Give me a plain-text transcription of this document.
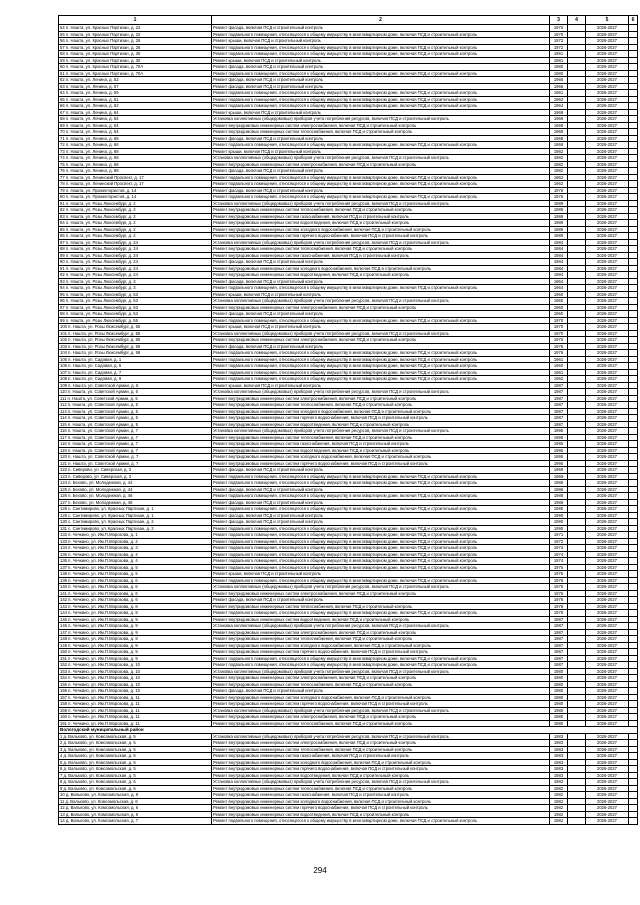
1	2	3	4	5	6
54 п. Нашта, ул. Красных Партизан, д. 22	Ремонт фасада, включая ПСД и строительный контроль	1970		2026-2027	
55 п. Нашта, ул. Красных Партизан, д. 22	Ремонт подвального помещения, относящегося к общему имуществу в многоквартирном доме, включая ПСД и строительный контроль	1970		2026-2027	
56 п. Нашта, ул. Красных Партизан, д. 26	Ремонт крыши, включая ПСД и строительный контроль	1972		2026-2027	
57 п. Нашта, ул. Красных Партизан, д. 26	Ремонт подвального помещения, относящегося к общему имуществу в многоквартирном доме, включая ПСД и строительный контроль	1972		2026-2027	
58 п. Нашта, ул. Красных Партизан, д. 30	Ремонт подвального помещения, относящегося к общему имуществу в многоквартирном доме, включая ПСД и строительный контроль	1981		2026-2027	
59 п. Нашта, ул. Красных Партизан, д. 30	Ремонт крыши, включая ПСД и строительный контроль	1981		2026-2027	
60 п. Нашта, ул. Красных Партизан, д. 70А	Ремонт фасада, включая ПСД и строительный контроль	1980		2026-2027	
61 п. Нашта, ул. Красных Партизан, д. 70А	Ремонт подвального помещения, относящегося к общему имуществу в многоквартирном доме, включая ПСД и строительный контроль	1980		2026-2027	
62 п. Нашта, ул. Ленина, д. 53	Ремонт фасада, включая ПСД и строительный контроль	1966		2026-2027	
63 п. Нашта, ул. Ленина, д. 57	Ремонт фасада, включая ПСД и строительный контроль	1966		2026-2027	
64 п. Нашта, ул. Ленина, д. 59	Ремонт подвального помещения, относящегося к общему имуществу в многоквартирном доме, включая ПСД и строительный контроль	1961		2026-2027	
65 п. Нашта, ул. Ленина, д. 61	Ремонт подвального помещения, относящегося к общему имуществу в многоквартирном доме, включая ПСД и строительный контроль	1962		2026-2027	
66 п. Нашта, ул. Ленина, д. 62	Ремонт подвального помещения, относящегося к общему имуществу в многоквартирном доме, включая ПСД и строительный контроль	1964		2026-2027	
67 п. Нашта, ул. Ленина, д. 64	Ремонт крыши, включая ПСД и строительный контроль	1969		2026-2027	
68 п. Нашта, ул. Ленина, д. 64	Установка коллективных (общедомовых) приборов учета потребления ресурсов, включая ПСД и строительный контроль	1969		2026-2027	
69 п. Нашта, ул. Ленина, д. 64	Ремонт внутридомовых инженерных систем электроснабжения, включая ПСД и строительный контроль	1969		2026-2027	
70 п. Нашта, ул. Ленина, д. 64	Ремонт внутридомовых инженерных систем теплоснабжения, включая ПСД и строительный контроль	1969		2026-2027	
71 п. Нашта, ул. Ленина, д. 66	Ремонт фасада, включая ПСД и строительный контроль	1968		2026-2027	
72 п. Нашта, ул. Ленина, д. 66	Ремонт подвального помещения, относящегося к общему имуществу в многоквартирном доме, включая ПСД и строительный контроль	1968		2026-2027	
73 п. Нашта, ул. Ленина, д. 68	Ремонт крыши, включая ПСД и строительный контроль	1982		2026-2027	
74 п. Нашта, ул. Ленина, д. 68	Установка коллективных (общедомовых) приборов учета потребления ресурсов, включая ПСД и строительный контроль	1982		2026-2027	
75 п. Нашта, ул. Ленина, д. 68	Ремонт внутридомовых инженерных систем электроснабжения, включая ПСД и строительный контроль	1982		2026-2027	
76 п. Нашта, ул. Ленина, д. 68	Ремонт фасада, включая ПСД и строительный контроль	1982		2026-2027	
77 п. Нашта, ул. Ленинский Проспект, д. 17	Ремонт подвального помещения, относящегося к общему имуществу в многоквартирном доме, включая ПСД и строительный контроль	1962		2026-2027	
78 п. Нашта, ул. Ленинский Проспект, д. 17	Ремонт подвального помещения, относящегося к общему имуществу в многоквартирном доме, включая ПСД и строительный контроль	1962		2026-2027	
79 п. Нашта, ул. Прожектористов, д. 14	Ремонт фасада, включая ПСД и строительный контроль	1976		2026-2027	
80 п. Нашта, ул. Прожектористов, д. 14	Ремонт подвального помещения, относящегося к общему имуществу в многоквартирном доме, включая ПСД и строительный контроль	1976		2026-2027	
81 п. Нашта, ул. Розы Люксембург, д. 2	Установка коллективных (общедомовых) приборов учета потребления ресурсов, включая ПСД и строительный контроль	1989		2026-2027	
82 п. Нашта, ул. Розы Люксембург, д. 2	Ремонт внутридомовых инженерных систем теплоснабжения, включая ПСД и строительный контроль	1989		2026-2027	
83 п. Нашта, ул. Розы Люксембург, д. 2	Ремонт внутридомовых инженерных систем газоснабжения, включая ПСД и строительный контроль	1989		2026-2027	
84 п. Нашта, ул. Розы Люксембург, д. 2	Ремонт внутридомовых инженерных систем водоотведения, включая ПСД и строительный контроль	1989		2026-2027	
85 п. Нашта, ул. Розы Люксембург, д. 2	Ремонт внутридомовых инженерных систем холодного водоснабжения, включая ПСД и строительный контроль	1989		2026-2027	
86 п. Нашта, ул. Розы Люксембург, д. 2	Ремонт внутридомовых инженерных систем горячего водоснабжения, включая ПСД и строительный контроль	1989		2026-2027	
87 п. Нашта, ул. Розы Люксембург, д. 24	Установка коллективных (общедомовых) приборов учета потребления ресурсов, включая ПСД и строительный контроль	1984		2026-2027	
88 п. Нашта, ул. Розы Люксембург, д. 24	Ремонт внутридомовых инженерных систем теплоснабжения, включая ПСД и строительный контроль	1984		2026-2027	
89 п. Нашта, ул. Розы Люксембург, д. 24	Ремонт внутридомовых инженерных систем газоснабжения, включая ПСД и строительный контроль	1984		2026-2027	
90 п. Нашта, ул. Розы Люксембург, д. 24	Ремонт фасада, включая ПСД и строительный контроль	1984		2026-2027	
91 п. Нашта, ул. Розы Люксембург, д. 24	Ремонт внутридомовых инженерных систем холодного водоснабжения, включая ПСД и строительный контроль	1984		2026-2027	
92 п. Нашта, ул. Розы Люксембург, д. 24	Ремонт внутридомовых инженерных систем водоотведения, включая ПСД и строительный контроль	1984		2026-2027	
93 п. Нашта, ул. Розы Люксембург, д. 3	Ремонт фасада, включая ПСД и строительный контроль	1964		2026-2027	
94 п. Нашта, ул. Розы Люксембург, д. 3	Ремонт подвального помещения, относящегося к общему имуществу в многоквартирном доме, включая ПСД и строительный контроль	1964		2026-2027	
95 п. Нашта, ул. Розы Люксембург, д. 53	Ремонт крыши, включая ПСД и строительный контроль	1960		2026-2027	
96 п. Нашта, ул. Розы Люксембург, д. 53	Установка коллективных (общедомовых) приборов учета потребления ресурсов, включая ПСД и строительный контроль	1960		2026-2027	
97 п. Нашта, ул. Розы Люксембург, д. 53	Ремонт внутридомовых инженерных систем электроснабжения, включая ПСД и строительный контроль	1960		2026-2027	
98 п. Нашта, ул. Розы Люксембург, д. 53	Ремонт фасада, включая ПСД и строительный контроль	1960		2026-2027	
99 п. Нашта, ул. Розы Люксембург, д. 55	Ремонт подвального помещения, относящегося к общему имуществу в многоквартирном доме, включая ПСД и строительный контроль	1970		2026-2027	
100 п. Нашта, ул. Розы Люксембург, д. 55	Ремонт крыши, включая ПСД и строительный контроль	1970		2026-2027	
101 п. Нашта, ул. Розы Люксембург, д. 55	Установка коллективных (общедомовых) приборов учета потребления ресурсов, включая ПСД и строительный контроль	1970		2026-2027	
102 п. Нашта, ул. Розы Люксембург, д. 55	Ремонт внутридомовых инженерных систем электроснабжения, включая ПСД и строительный контроль	1970		2026-2027	
103 п. Нашта, ул. Розы Люксембург, д. 59	Ремонт фасада, включая ПСД и строительный контроль	1976		2026-2027	
104 п. Нашта, ул. Розы Люксембург, д. 59	Ремонт подвального помещения, относящегося к общему имуществу в многоквартирном доме, включая ПСД и строительный контроль	1976		2026-2027	
105 п. Нашта, ул. Садовая, д. 1	Ремонт подвального помещения, относящегося к общему имуществу в многоквартирном доме, включая ПСД и строительный контроль	1961		2026-2027	
106 п. Нашта, ул. Садовая, д. 5	Ремонт подвального помещения, относящегося к общему имуществу в многоквартирном доме, включая ПСД и строительный контроль	1960		2026-2027	
107 п. Нашта, ул. Садовая, д. 7	Ремонт подвального помещения, относящегося к общему имуществу в многоквартирном доме, включая ПСД и строительный контроль	1961		2026-2027	
108 п. Нашта, ул. Садовая, д. 9	Ремонт подвального помещения, относящегося к общему имуществу в многоквартирном доме, включая ПСД и строительный контроль	1962		2026-2027	
109 п. Нашта, ул. Советской Армии, д. 5	Ремонт крыши, включая ПСД и строительный контроль	1987		2026-2027	
110 п. Нашта, ул. Советской Армии, д. 5	Установка коллективных (общедомовых) приборов учета потребления ресурсов, включая ПСД и строительный контроль	1987		2026-2027	
111 п. Нашта, ул. Советской Армии, д. 5	Ремонт внутридомовых инженерных систем электроснабжения, включая ПСД и строительный контроль	1987		2026-2027	
112 п. Нашта, ул. Советской Армии, д. 5	Ремонт внутридомовых инженерных систем теплоснабжения, включая ПСД и строительный контроль	1987		2026-2027	
113 п. Нашта, ул. Советской Армии, д. 5	Ремонт внутридомовых инженерных систем холодного водоснабжения, включая ПСД и строительный контроль	1987		2026-2027	
114 п. Нашта, ул. Советской Армии, д. 5	Ремонт внутридомовых инженерных систем горячего водоснабжения, включая ПСД и строительный контроль	1987		2026-2027	
115 п. Нашта, ул. Советской Армии, д. 5	Ремонт внутридомовых инженерных систем водоотведения, включая ПСД и строительный контроль	1987		2026-2027	
116 п. Нашта, ул. Советской Армии, д. 7	Установка коллективных (общедомовых) приборов учета потребления ресурсов, включая ПСД и строительный контроль	1995		2026-2027	
117 п. Нашта, ул. Советской Армии, д. 7	Ремонт внутридомовых инженерных систем теплоснабжения, включая ПСД и строительный контроль	1995		2026-2027	
118 п. Нашта, ул. Советской Армии, д. 7	Ремонт внутридомовых инженерных систем газоснабжения, включая ПСД и строительный контроль	1995		2026-2027	
119 п. Нашта, ул. Советской Армии, д. 7	Ремонт внутридомовых инженерных систем водоотведения, включая ПСД и строительный контроль	1995		2026-2027	
120 п. Нашта, ул. Советской Армии, д. 7	Ремонт внутридомовых инженерных систем холодного водоснабжения, включая ПСД и строительный контроль	1995		2026-2027	
121 п. Нашта, ул. Советской Армии, д. 7	Ремонт внутридомовых инженерных систем горячего водоснабжения, включая ПСД и строительный контроль	1995		2026-2027	
122 п. Сиверово, ул. Сиверская, д. 3	Ремонт фасада, включая ПСД и строительный контроль	1969		2026-2027	
123 п. Сиверово, ул. Сиверская, д. 3	Ремонт подвального помещения, относящегося к общему имуществу в многоквартирном доме, включая ПСД и строительный контроль	1969		2026-2027	
124 п. Бехово, ул. Молодежная, д. 44	Ремонт подвального помещения, относящегося к общему имуществу в многоквартирном доме, включая ПСД и строительный контроль	1986		2026-2027	
125 п. Бехово, ул. Молодежная, д. 44	Ремонт фасада, включая ПСД и строительный контроль	1986		2026-2027	
126 п. Бехово, ул. Молодежная, д. 46	Ремонт подвального помещения, относящегося к общему имуществу в многоквартирном доме, включая ПСД и строительный контроль	1986		2026-2027	
127 п. Бехово, ул. Молодежная, д. 46	Ремонт фасада, включая ПСД и строительный контроль	1986		2026-2027	
128 с. Сантимирово, ул. Красных Партизан, д. 1	Ремонт подвального помещения, относящегося к общему имуществу в многоквартирном доме, включая ПСД и строительный контроль	1990		2026-2027	
129 с. Сантимирово, ул. Красных Партизан, д. 1	Ремонт фасада, включая ПСД и строительный контроль	1990		2026-2027	
130 с. Сантимирово, ул. Красных Партизан, д. 2	Ремонт фасада, включая ПСД и строительный контроль	1990		2026-2027	
131 с. Сантимирово, ул. Красных Партизан, д. 2	Ремонт подвального помещения, относящегося к общему имуществу в многоквартирном доме, включая ПСД и строительный контроль	1990		2026-2027	
132 п. Чечкино, ул. Им.П.Морозова, д. 1	Ремонт подвального помещения, относящегося к общему имуществу в многоквартирном доме, включая ПСД и строительный контроль	1971		2026-2027	
133 п. Чечкино, ул. Им.П.Морозова, д. 2	Ремонт подвального помещения, относящегося к общему имуществу в многоквартирном доме, включая ПСД и строительный контроль	1972		2026-2027	
134 п. Чечкино, ул. Им.П.Морозова, д. 3	Ремонт подвального помещения, относящегося к общему имуществу в многоквартирном доме, включая ПСД и строительный контроль	1973		2026-2027	
135 п. Чечкино, ул. Им.П.Морозова, д. 4	Ремонт подвального помещения, относящегося к общему имуществу в многоквартирном доме, включая ПСД и строительный контроль	1974		2026-2027	
136 п. Чечкино, ул. Им.П.Морозова, д. 4	Ремонт подвального помещения, относящегося к общему имуществу в многоквартирном доме, включая ПСД и строительный контроль	1974		2026-2027	
137 п. Чечкино, ул. Им.П.Морозова, д. 5	Ремонт подвального помещения, относящегося к общему имуществу в многоквартирном доме, включая ПСД и строительный контроль	1975		2026-2027	
138 п. Чечкино, ул. Им.П.Морозова, д. 5	Ремонт крыши, включая ПСД и строительный контроль	1975		2026-2027	
139 п. Чечкино, ул. Им.П.Морозова, д. 6	Ремонт подвального помещения, относящегося к общему имуществу в многоквартирном доме, включая ПСД и строительный контроль	1976		2026-2027	
140 п. Чечкино, ул. Им.П.Морозова, д. 6	Установка коллективных (общедомовых) приборов учета потребления ресурсов, включая ПСД и строительный контроль	1976		2026-2027	
141 п. Чечкино, ул. Им.П.Морозова, д. 6	Ремонт внутридомовых инженерных систем электроснабжения, включая ПСД и строительный контроль	1976		2026-2027	
142 п. Чечкино, ул. Им.П.Морозова, д. 6	Ремонт фасада, включая ПСД и строительный контроль	1976		2026-2027	
143 п. Чечкино, ул. Им.П.Морозова, д. 8	Ремонт внутридомовых инженерных систем теплоснабжения, включая ПСД и строительный контроль	1978		2026-2027	
144 п. Чечкино, ул. Им.П.Морозова, д. 8	Ремонт подвального помещения, относящегося к общему имуществу в многоквартирном доме, включая ПСД и строительный контроль	1978		2026-2027	
145 п. Чечкино, ул. Им.П.Морозова, д. 9	Ремонт внутридомовых инженерных систем водоотведения, включая ПСД и строительный контроль	1987		2026-2027	
146 п. Чечкино, ул. Им.П.Морозова, д. 9	Установка коллективных (общедомовых) приборов учета потребления ресурсов, включая ПСД и строительный контроль	1987		2026-2027	
147 п. Чечкино, ул. Им.П.Морозова, д. 9	Ремонт внутридомовых инженерных систем электроснабжения, включая ПСД и строительный контроль	1987		2026-2027	
148 п. Чечкино, ул. Им.П.Морозова, д. 9	Ремонт внутридомовых инженерных систем теплоснабжения, включая ПСД и строительный контроль	1987		2026-2027	
149 п. Чечкино, ул. Им.П.Морозова, д. 9	Ремонт внутридомовых инженерных систем холодного водоснабжения, включая ПСД и строительный контроль	1987		2026-2027	
150 п. Чечкино, ул. Им.П.Морозова, д. 9	Ремонт внутридомовых инженерных систем горячего водоснабжения, включая ПСД и строительный контроль	1987		2026-2027	
151 п. Чечкино, ул. Им.П.Морозова, д. 9	Ремонт подвального помещения, относящегося к общему имуществу в многоквартирном доме, включая ПСД и строительный контроль	1987		2026-2027	
152 п. Чечкино, ул. Им.П.Морозова, д. 10	Ремонт подвального помещения, относящегося к общему имуществу в многоквартирном доме, включая ПСД и строительный контроль	1987		2026-2027	
153 п. Чечкино, ул. Им.П.Морозова, д. 10	Установка коллективных (общедомовых) приборов учета потребления ресурсов, включая ПСД и строительный контроль	1980		2026-2027	
154 п. Чечкино, ул. Им.П.Морозова, д. 10	Ремонт внутридомовых инженерных систем электроснабжения, включая ПСД и строительный контроль	1980		2026-2027	
155 п. Чечкино, ул. Им.П.Морозова, д. 10	Ремонт внутридомовых инженерных систем теплоснабжения, включая ПСД и строительный контроль	1980		2026-2027	
156 п. Чечкино, ул. Им.П.Морозова, д. 10	Ремонт фасада, включая ПСД и строительный контроль	1980		2026-2027	
157 п. Чечкино, ул. Им.П.Морозова, д. 11	Ремонт внутридомовых инженерных систем холодного водоснабжения, включая ПСД и строительный контроль	1980		2026-2027	
158 п. Чечкино, ул. Им.П.Морозова, д. 11	Ремонт внутридомовых инженерных систем горячего водоснабжения, включая ПСД и строительный контроль	1980		2026-2027	
159 п. Чечкино, ул. Им.П.Морозова, д. 11	Установка коллективных (общедомовых) приборов учета потребления ресурсов, включая ПСД и строительный контроль	1980		2026-2027	
160 п. Чечкино, ул. Им.П.Морозова, д. 11	Ремонт внутридомовых инженерных систем электроснабжения, включая ПСД и строительный контроль	1980		2026-2027	
161 п. Чечкино, ул. Им.П.Морозова, д. 11	Ремонт внутридомовых инженерных систем теплоснабжения, включая ПСД и строительный контроль	1980		2026-2027	
Вологодский муниципальный район					
1 д. Вальково, ул. Комсомольская, д. 5	Установка коллективных (общедомовых) приборов учета потребления ресурсов, включая ПСД и строительный контроль	1983		2026-2027	
2 д. Вальково, ул. Комсомольская, д. 5	Ремонт внутридомовых инженерных систем электроснабжения, включая ПСД и строительный контроль	1983		2026-2027	
3 д. Вальково, ул. Комсомольская, д. 5	Ремонт внутридомовых инженерных систем теплоснабжения, включая ПСД и строительный контроль	1983		2026-2027	
4 д. Вальково, ул. Комсомольская, д. 5	Ремонт внутридомовых инженерных систем газоснабжения, включая ПСД и строительный контроль	1983		2026-2027	
5 д. Вальково, ул. Комсомольская, д. 5	Ремонт внутридомовых инженерных систем холодного водоснабжения, включая ПСД и строительный контроль	1983		2026-2027	
6 д. Вальково, ул. Комсомольская, д. 5	Ремонт внутридомовых инженерных систем горячего водоснабжения, включая ПСД и строительный контроль	1983		2026-2027	
7 д. Вальково, ул. Комсомольская, д. 5	Ремонт внутридомовых инженерных систем водоотведения, включая ПСД и строительный контроль	1983		2026-2027	
8 д. Вальково, ул. Комсомольская, д. 6	Установка коллективных (общедомовых) приборов учета потребления ресурсов, включая ПСД и строительный контроль	1982		2026-2027	
9 д. Вальково, ул. Комсомольская, д. 6	Ремонт внутридомовых инженерных систем теплоснабжения, включая ПСД и строительный контроль	1982		2026-2027	
10 д. Вальково, ул. Комсомольская, д. 6	Ремонт внутридомовых инженерных систем газоснабжения, включая ПСД и строительный контроль	1982		2026-2027	
11 д. Вальково, ул. Комсомольская, д. 6	Ремонт внутридомовых инженерных систем холодного водоснабжения, включая ПСД и строительный контроль	1982		2026-2027	
12 д. Вальково, ул. Комсомольская, д. 6	Ремонт внутридомовых инженерных систем горячего водоснабжения, включая ПСД и строительный контроль	1982		2026-2027	
13 д. Вальково, ул. Комсомольская, д. 6	Ремонт внутридомовых инженерных систем водоотведения, включая ПСД и строительный контроль	1982		2026-2027	
14 д. Вальково, ул. Комсомольская, д. 7	Ремонт подвального помещения, относящегося к общему имуществу в многоквартирном доме, включая ПСД и строительный контроль	1982		2026-2027	
294
